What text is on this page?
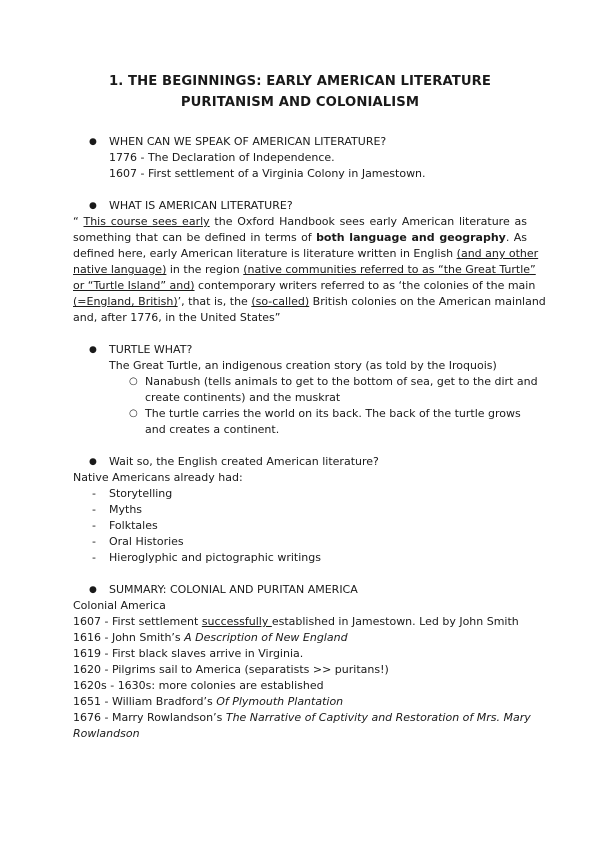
1. THE BEGINNINGS: EARLY AMERICAN LITERATURE
PURITANISM AND COLONIALISM
● WHEN CAN WE SPEAK OF AMERICAN LITERATURE?
1776 - The Declaration of Independence.
1607 - First settlement of a Virginia Colony in Jamestown.
● WHAT IS AMERICAN LITERATURE?
“ This course sees early the Oxford Handbook sees early American literature as
something that can be defined in terms of both language and geography. As
defined here, early American literature is literature written in English (and any other
native language) in the region (native communities referred to as “the Great Turtle”
or “Turtle Island” and) contemporary writers referred to as ‘the colonies of the main
(=England, British)’, that is, the (so-called) British colonies on the American mainland
and, after 1776, in the United States”
● TURTLE WHAT?
The Great Turtle, an indigenous creation story (as told by the Iroquois)
○ Nanabush (tells animals to get to the bottom of sea, get to the dirt and
create continents) and the muskrat
○ The turtle carries the world on its back. The back of the turtle grows
and creates a continent.
● Wait so, the English created American literature?
Native Americans already had:
- Storytelling
- Myths
- Folktales
- Oral Histories
- Hieroglyphic and pictographic writings
● SUMMARY: COLONIAL AND PURITAN AMERICA
Colonial America
1607 - First settlement successfully established in Jamestown. Led by John Smith
1616 - John Smith’s A Description of New England
1619 - First black slaves arrive in Virginia.
1620 - Pilgrims sail to America (separatists >> puritans!)
1620s - 1630s: more colonies are established
1651 - William Bradford’s Of Plymouth Plantation
1676 - Marry Rowlandson’s The Narrative of Captivity and Restoration of Mrs. Mary
Rowlandson
